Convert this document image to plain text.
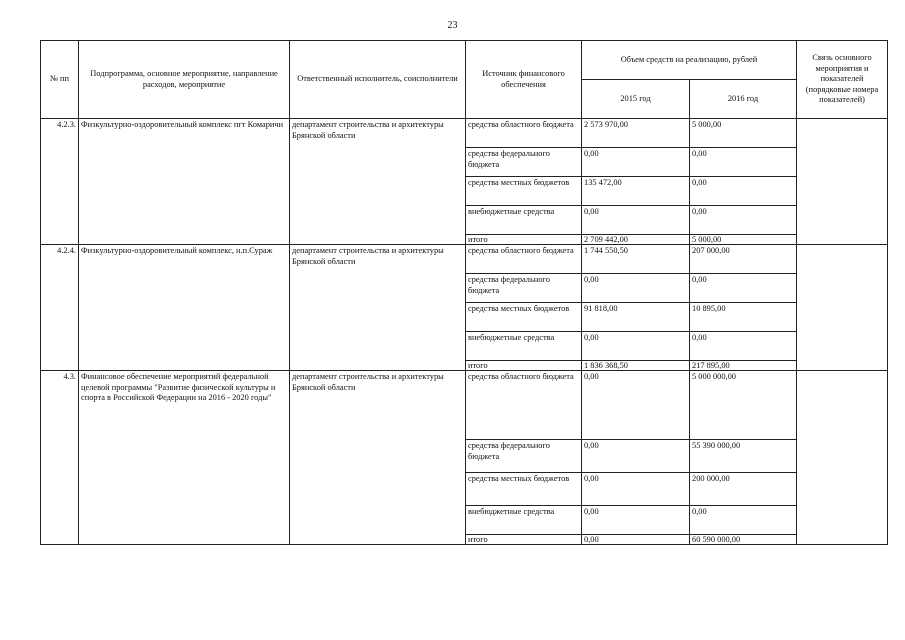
23
№ пп	Подпрограмма, основное мероприятие, направление расходов, мероприятие	Ответственный исполнитель, соисполнители	Источник финансового обеспечения	Объем средств на реализацию, рублей		Связь основного мероприятия и показателей (порядковые номера показателей)
				2015 год	2016 год	
4.2.3.	Физкультурно-оздоровительный комплекс пгт Комаричи	департамент строительства и архитектуры Брянской области	средства областного бюджета	2 573 970,00	5 000,00	
			средства федерального бюджета	0,00	0,00	
			средства местных бюджетов	135 472,00	0,00	
			внебюджетные средства	0,00	0,00	
			итого	2 709 442,00	5 000,00	
4.2.4.	Физкультурно-оздоровительный комплекс, н.п.Сураж	департамент строительства и архитектуры Брянской области	средства областного бюджета	1 744 550,50	207 000,00	
			средства федерального бюджета	0,00	0,00	
			средства местных бюджетов	91 818,00	10 895,00	
			внебюджетные средства	0,00	0,00	
			итого	1 836 368,50	217 895,00	
4.3.	Финансовое обеспечение мероприятий федеральной целевой программы "Развитие физической культуры и спорта в Российской Федерации на 2016 - 2020 годы"	департамент строительства и архитектуры Брянской области	средства областного бюджета	0,00	5 000 000,00	
			средства федерального бюджета	0,00	55 390 000,00	
			средства местных бюджетов	0,00	200 000,00	
			внебюджетные средства	0,00	0,00	
			итого	0,00	60 590 000,00	
